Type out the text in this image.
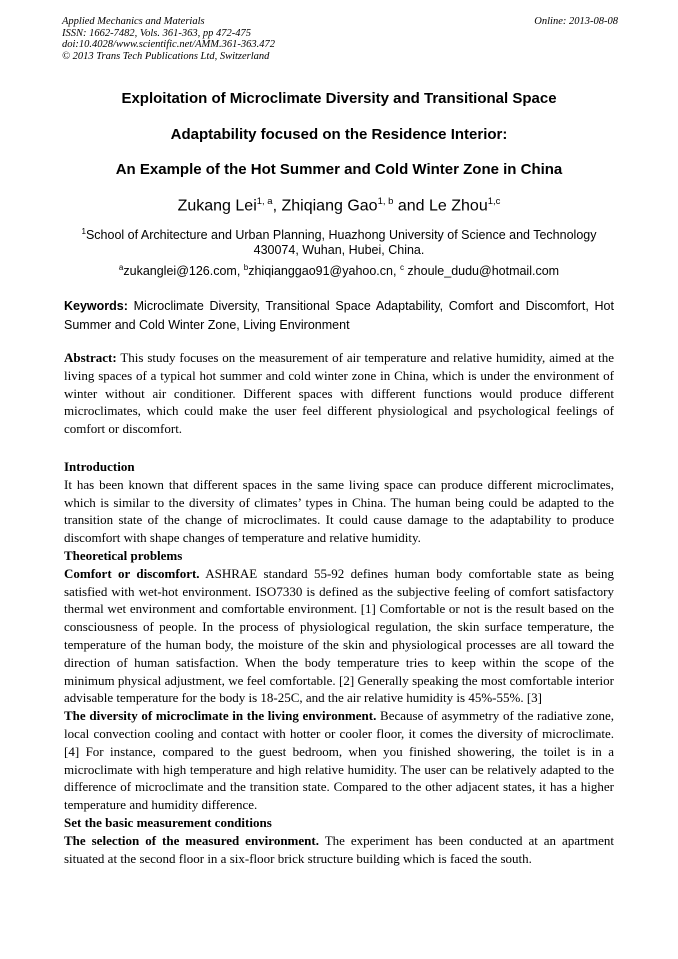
Applied Mechanics and Materials
ISSN: 1662-7482, Vols. 361-363, pp 472-475
doi:10.4028/www.scientific.net/AMM.361-363.472
© 2013 Trans Tech Publications Ltd, Switzerland
Online: 2013-08-08
Exploitation of Microclimate Diversity and Transitional Space
Adaptability focused on the Residence Interior:
An Example of the Hot Summer and Cold Winter Zone in China
Zukang Lei$^{1, a}$, Zhiqiang Gao$^{1, b}$ and Le Zhou$^{1,c}$
$^1$School of Architecture and Urban Planning, Huazhong University of Science and Technology
430074, Wuhan, Hubei, China.
$^a$zukanglei@126.com, $^b$zhiqianggao91@yahoo.cn, $^c$ zhoule_dudu@hotmail.com
Keywords: Microclimate Diversity, Transitional Space Adaptability, Comfort and Discomfort, Hot Summer and Cold Winter Zone, Living Environment
Abstract: This study focuses on the measurement of air temperature and relative humidity, aimed at the living spaces of a typical hot summer and cold winter zone in China, which is under the environment of winter without air conditioner. Different spaces with different functions would produce different microclimates, which could make the user feel different physiological and psychological feelings of comfort or discomfort.

Introduction

It has been known that different spaces in the same living space can produce different microclimates, which is similar to the diversity of climates’ types in China. The human being could be adapted to the transition state of the change of microclimates. It could cause damage to the adaptability to produce discomfort with shape changes of temperature and relative humidity.

Theoretical problems

Comfort or discomfort. ASHRAE standard 55-92 defines human body comfortable state as being satisfied with wet-hot environment. ISO7330 is defined as the subjective feeling of comfort satisfactory thermal wet environment and comfortable environment. [1] Comfortable or not is the result based on the consciousness of people. In the process of physiological regulation, the skin surface temperature, the temperature of the human body, the moisture of the skin and physiological processes are all toward the direction of human satisfaction. When the body temperature tries to keep within the scope of the minimum physical adjustment, we feel comfortable. [2] Generally speaking the most comfortable interior advisable temperature for the body is 18-25C, and the air relative humidity is 45%-55%. [3]

The diversity of microclimate in the living environment. Because of asymmetry of the radiative zone, local convection cooling and contact with hotter or cooler floor, it comes the diversity of microclimate. [4] For instance, compared to the guest bedroom, when you finished showering, the toilet is in a microclimate with high temperature and high relative humidity. The user can be relatively adapted to the difference of microclimate and the transition state. Compared to the other adjacent states, it has a higher temperature and humidity difference.

Set the basic measurement conditions

The selection of the measured environment. The experiment has been conducted at an apartment situated at the second floor in a six-floor brick structure building which is faced the south.
